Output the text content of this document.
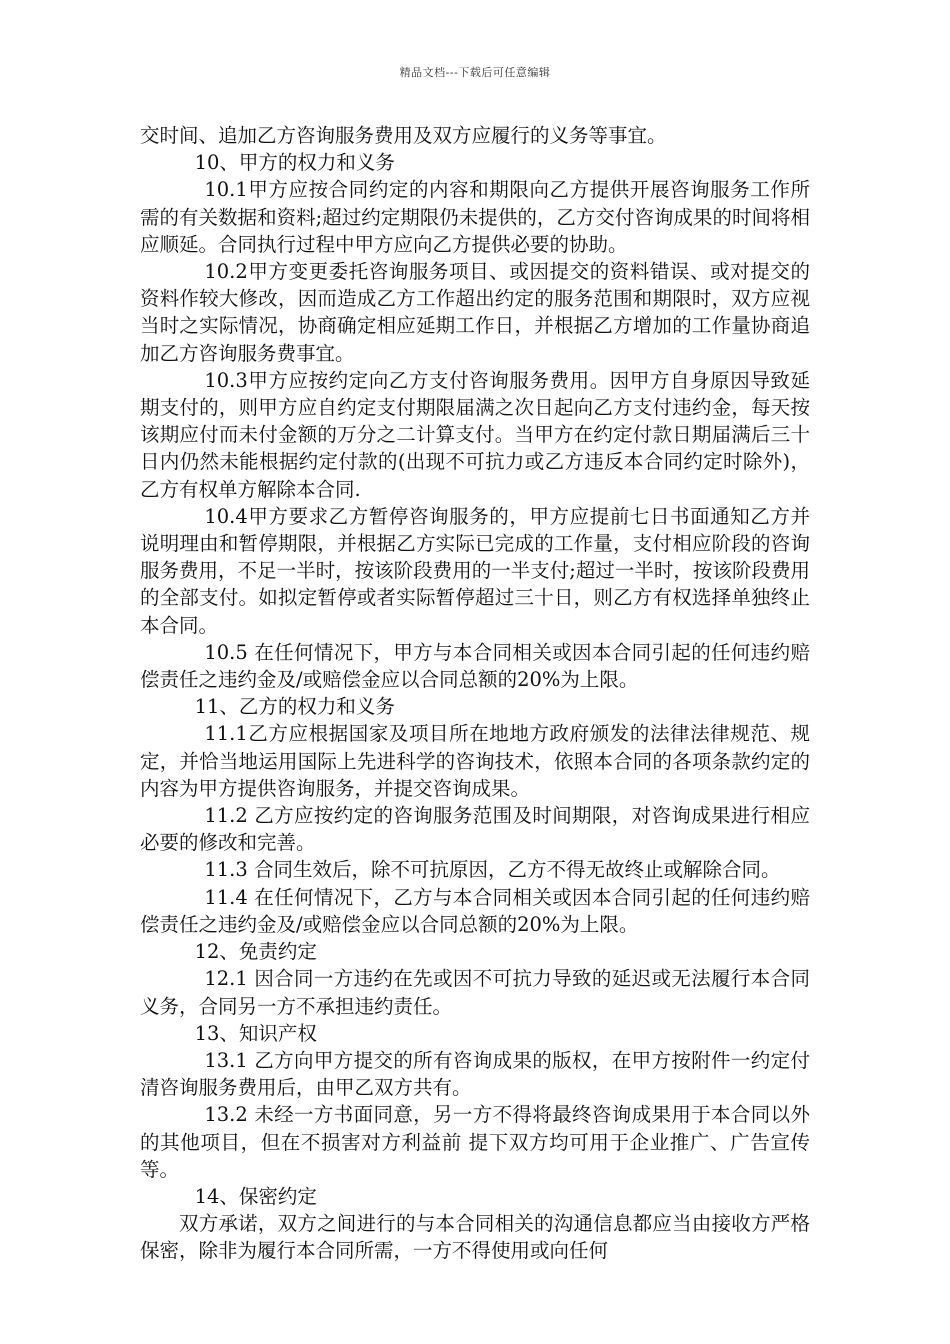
精品文档---下载后可任意编辑

交时间、追加乙方咨询服务费用及双方应履行的义务等事宜。

10、甲方的权力和义务

10.1甲方应按合同约定的内容和期限向乙方提供开展咨询服务工作所需的有关数据和资料;超过约定期限仍未提供的，乙方交付咨询成果的时间将相应顺延。合同执行过程中甲方应向乙方提供必要的协助。

10.2甲方变更委托咨询服务项目、或因提交的资料错误、或对提交的资料作较大修改，因而造成乙方工作超出约定的服务范围和期限时，双方应视当时之实际情况，协商确定相应延期工作日，并根据乙方增加的工作量协商追加乙方咨询服务费事宜。

10.3甲方应按约定向乙方支付咨询服务费用。因甲方自身原因导致延期支付的，则甲方应自约定支付期限届满之次日起向乙方支付违约金，每天按该期应付而未付金额的万分之二计算支付。当甲方在约定付款日期届满后三十日内仍然未能根据约定付款的(出现不可抗力或乙方违反本合同约定时除外)，乙方有权单方解除本合同.

10.4甲方要求乙方暂停咨询服务的，甲方应提前七日书面通知乙方并说明理由和暂停期限，并根据乙方实际已完成的工作量，支付相应阶段的咨询服务费用，不足一半时，按该阶段费用的一半支付;超过一半时，按该阶段费用的全部支付。如拟定暂停或者实际暂停超过三十日，则乙方有权选择单独终止本合同。

10.5 在任何情况下，甲方与本合同相关或因本合同引起的任何违约赔偿责任之违约金及/或赔偿金应以合同总额的20%为上限。

11、乙方的权力和义务

11.1乙方应根据国家及项目所在地地方政府颁发的法律法律规范、规定，并恰当地运用国际上先进科学的咨询技术，依照本合同的各项条款约定的内容为甲方提供咨询服务，并提交咨询成果。

11.2 乙方应按约定的咨询服务范围及时间期限，对咨询成果进行相应必要的修改和完善。

11.3 合同生效后，除不可抗原因，乙方不得无故终止或解除合同。

11.4 在任何情况下，乙方与本合同相关或因本合同引起的任何违约赔偿责任之违约金及/或赔偿金应以合同总额的20%为上限。

12、免责约定

12.1 因合同一方违约在先或因不可抗力导致的延迟或无法履行本合同义务，合同另一方不承担违约责任。

13、知识产权

13.1 乙方向甲方提交的所有咨询成果的版权，在甲方按附件一约定付清咨询服务费用后，由甲乙双方共有。

13.2 未经一方书面同意，另一方不得将最终咨询成果用于本合同以外的其他项目，但在不损害对方利益前 提下双方均可用于企业推广、广告宣传等。

14、保密约定

双方承诺，双方之间进行的与本合同相关的沟通信息都应当由接收方严格保密，除非为履行本合同所需，一方不得使用或向任何
